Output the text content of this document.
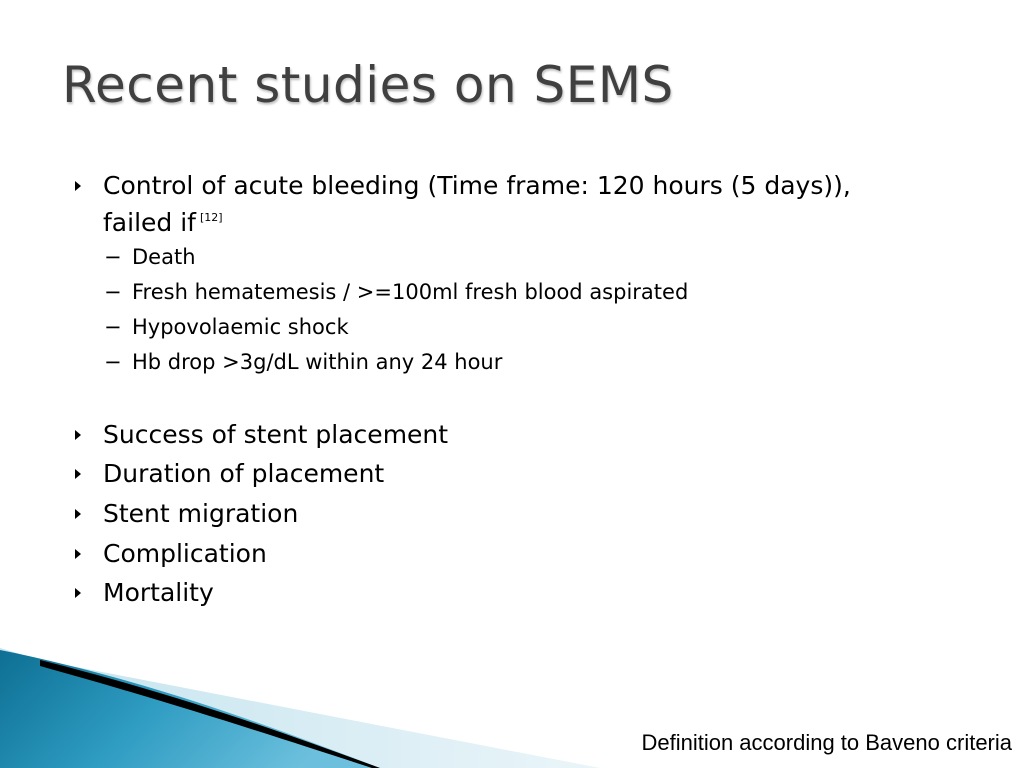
Recent studies on SEMS
Control of acute bleeding (Time frame: 120 hours (5 days)),
failed if [12]
− Death
− Fresh hematemesis / >=100ml fresh blood aspirated
− Hypovolaemic shock
− Hb drop >3g/dL within any 24 hour
Success of stent placement
Duration of placement
Stent migration
Complication
Mortality
Definition according to Baveno criteria
